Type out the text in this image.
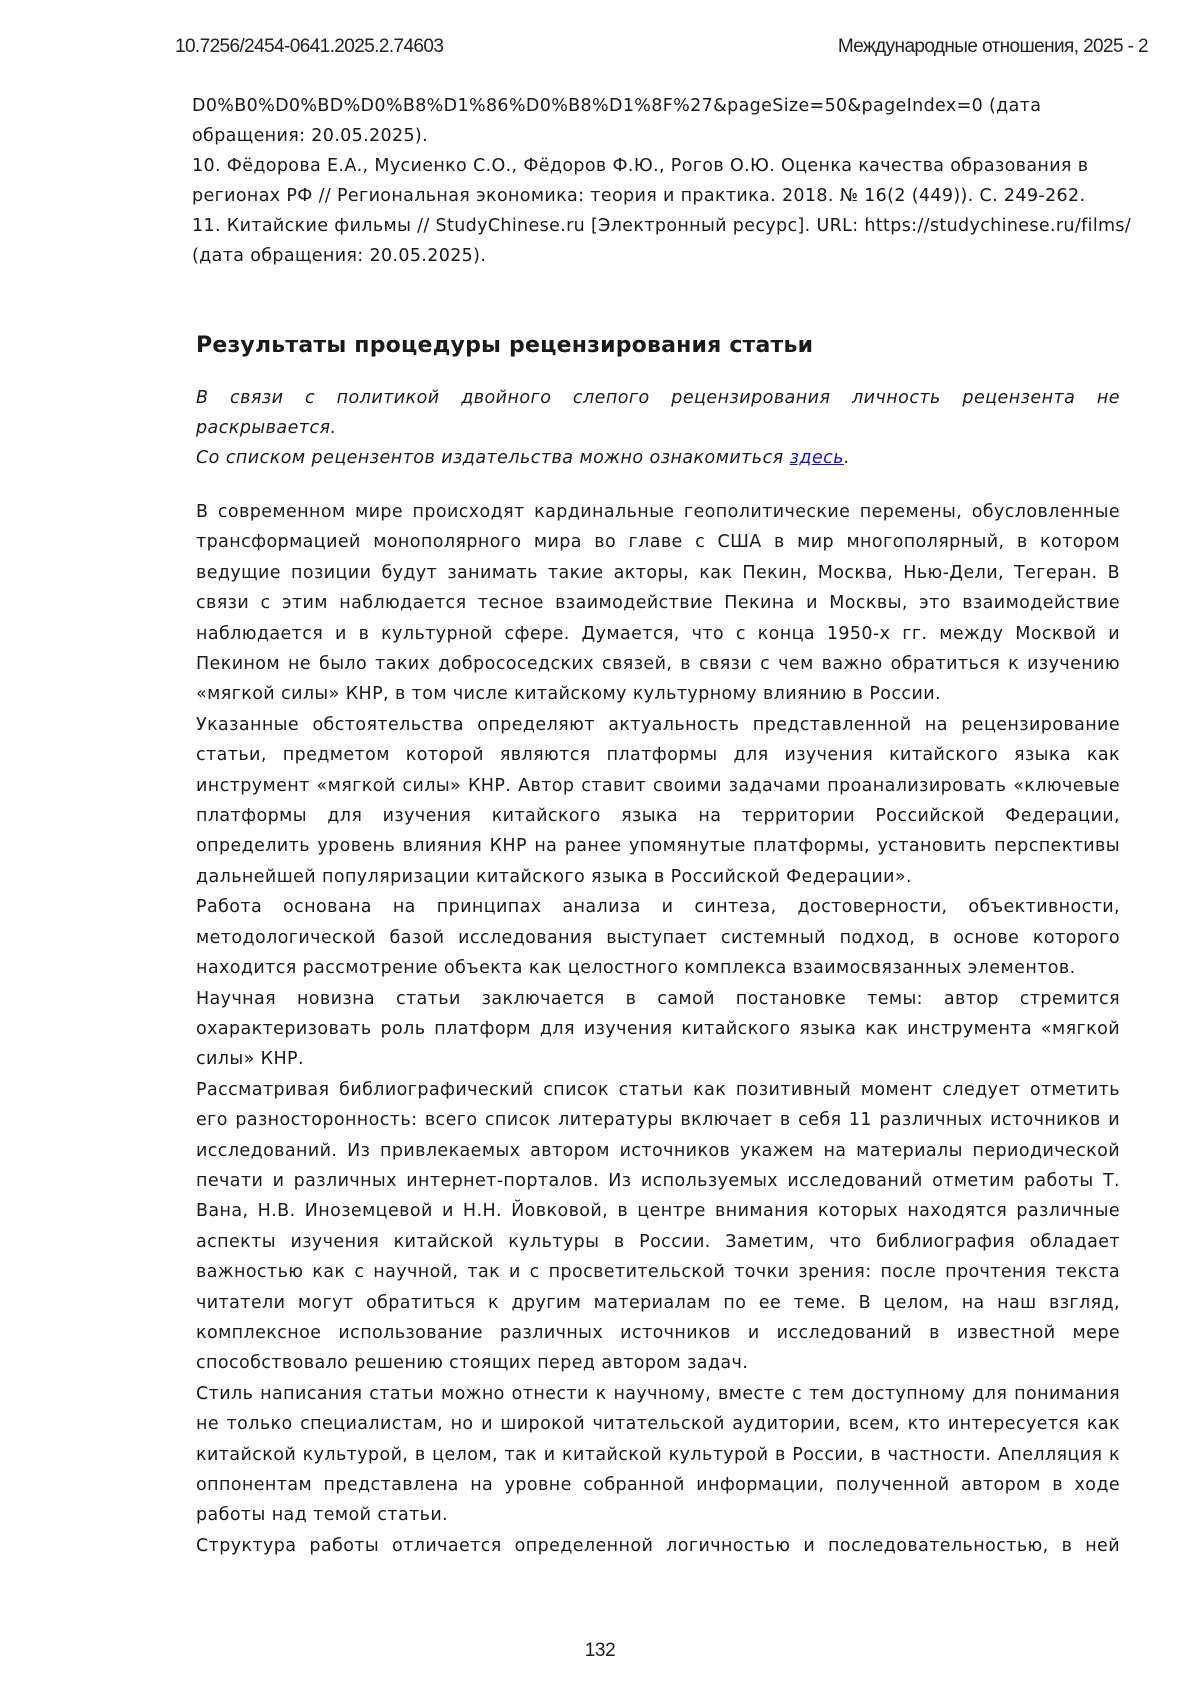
10.7256/2454-0641.2025.2.74603	Международные отношения, 2025 - 2

D0%B0%D0%BD%D0%B8%D1%86%D0%B8%D1%8F%27&pageSize=50&pageIndex=0 (дата обращения: 20.05.2025).

10. Фёдорова Е.А., Мусиенко С.О., Фёдоров Ф.Ю., Рогов О.Ю. Оценка качества образования в регионах РФ // Региональная экономика: теория и практика. 2018. № 16(2 (449)). С. 249-262.

11. Китайские фильмы // StudyChinese.ru [Электронный ресурс]. URL: https://studychinese.ru/films/ (дата обращения: 20.05.2025).

Результаты процедуры рецензирования статьи

В связи с политикой двойного слепого рецензирования личность рецензента не раскрывается.

Со списком рецензентов издательства можно ознакомиться здесь.

В современном мире происходят кардинальные геополитические перемены, обусловленные трансформацией монополярного мира во главе с США в мир многополярный, в котором ведущие позиции будут занимать такие акторы, как Пекин, Москва, Нью-Дели, Тегеран. В связи с этим наблюдается тесное взаимодействие Пекина и Москвы, это взаимодействие наблюдается и в культурной сфере. Думается, что с конца 1950-х гг. между Москвой и Пекином не было таких добрососедских связей, в связи с чем важно обратиться к изучению «мягкой силы» КНР, в том числе китайскому культурному влиянию в России.

Указанные обстоятельства определяют актуальность представленной на рецензирование статьи, предметом которой являются платформы для изучения китайского языка как инструмент «мягкой силы» КНР. Автор ставит своими задачами проанализировать «ключевые платформы для изучения китайского языка на территории Российской Федерации, определить уровень влияния КНР на ранее упомянутые платформы, установить перспективы дальнейшей популяризации китайского языка в Российской Федерации».

Работа основана на принципах анализа и синтеза, достоверности, объективности, методологической базой исследования выступает системный подход, в основе которого находится рассмотрение объекта как целостного комплекса взаимосвязанных элементов.

Научная новизна статьи заключается в самой постановке темы: автор стремится охарактеризовать роль платформ для изучения китайского языка как инструмента «мягкой силы» КНР.

Рассматривая библиографический список статьи как позитивный момент следует отметить его разносторонность: всего список литературы включает в себя 11 различных источников и исследований. Из привлекаемых автором источников укажем на материалы периодической печати и различных интернет-порталов. Из используемых исследований отметим работы Т. Вана, Н.В. Иноземцевой и Н.Н. Йовковой, в центре внимания которых находятся различные аспекты изучения китайской культуры в России. Заметим, что библиография обладает важностью как с научной, так и с просветительской точки зрения: после прочтения текста читатели могут обратиться к другим материалам по ее теме. В целом, на наш взгляд, комплексное использование различных источников и исследований в известной мере способствовало решению стоящих перед автором задач.

Стиль написания статьи можно отнести к научному, вместе с тем доступному для понимания не только специалистам, но и широкой читательской аудитории, всем, кто интересуется как китайской культурой, в целом, так и китайской культурой в России, в частности. Апелляция к оппонентам представлена на уровне собранной информации, полученной автором в ходе работы над темой статьи.

Структура работы отличается определенной логичностью и последовательностью, в ней

132
